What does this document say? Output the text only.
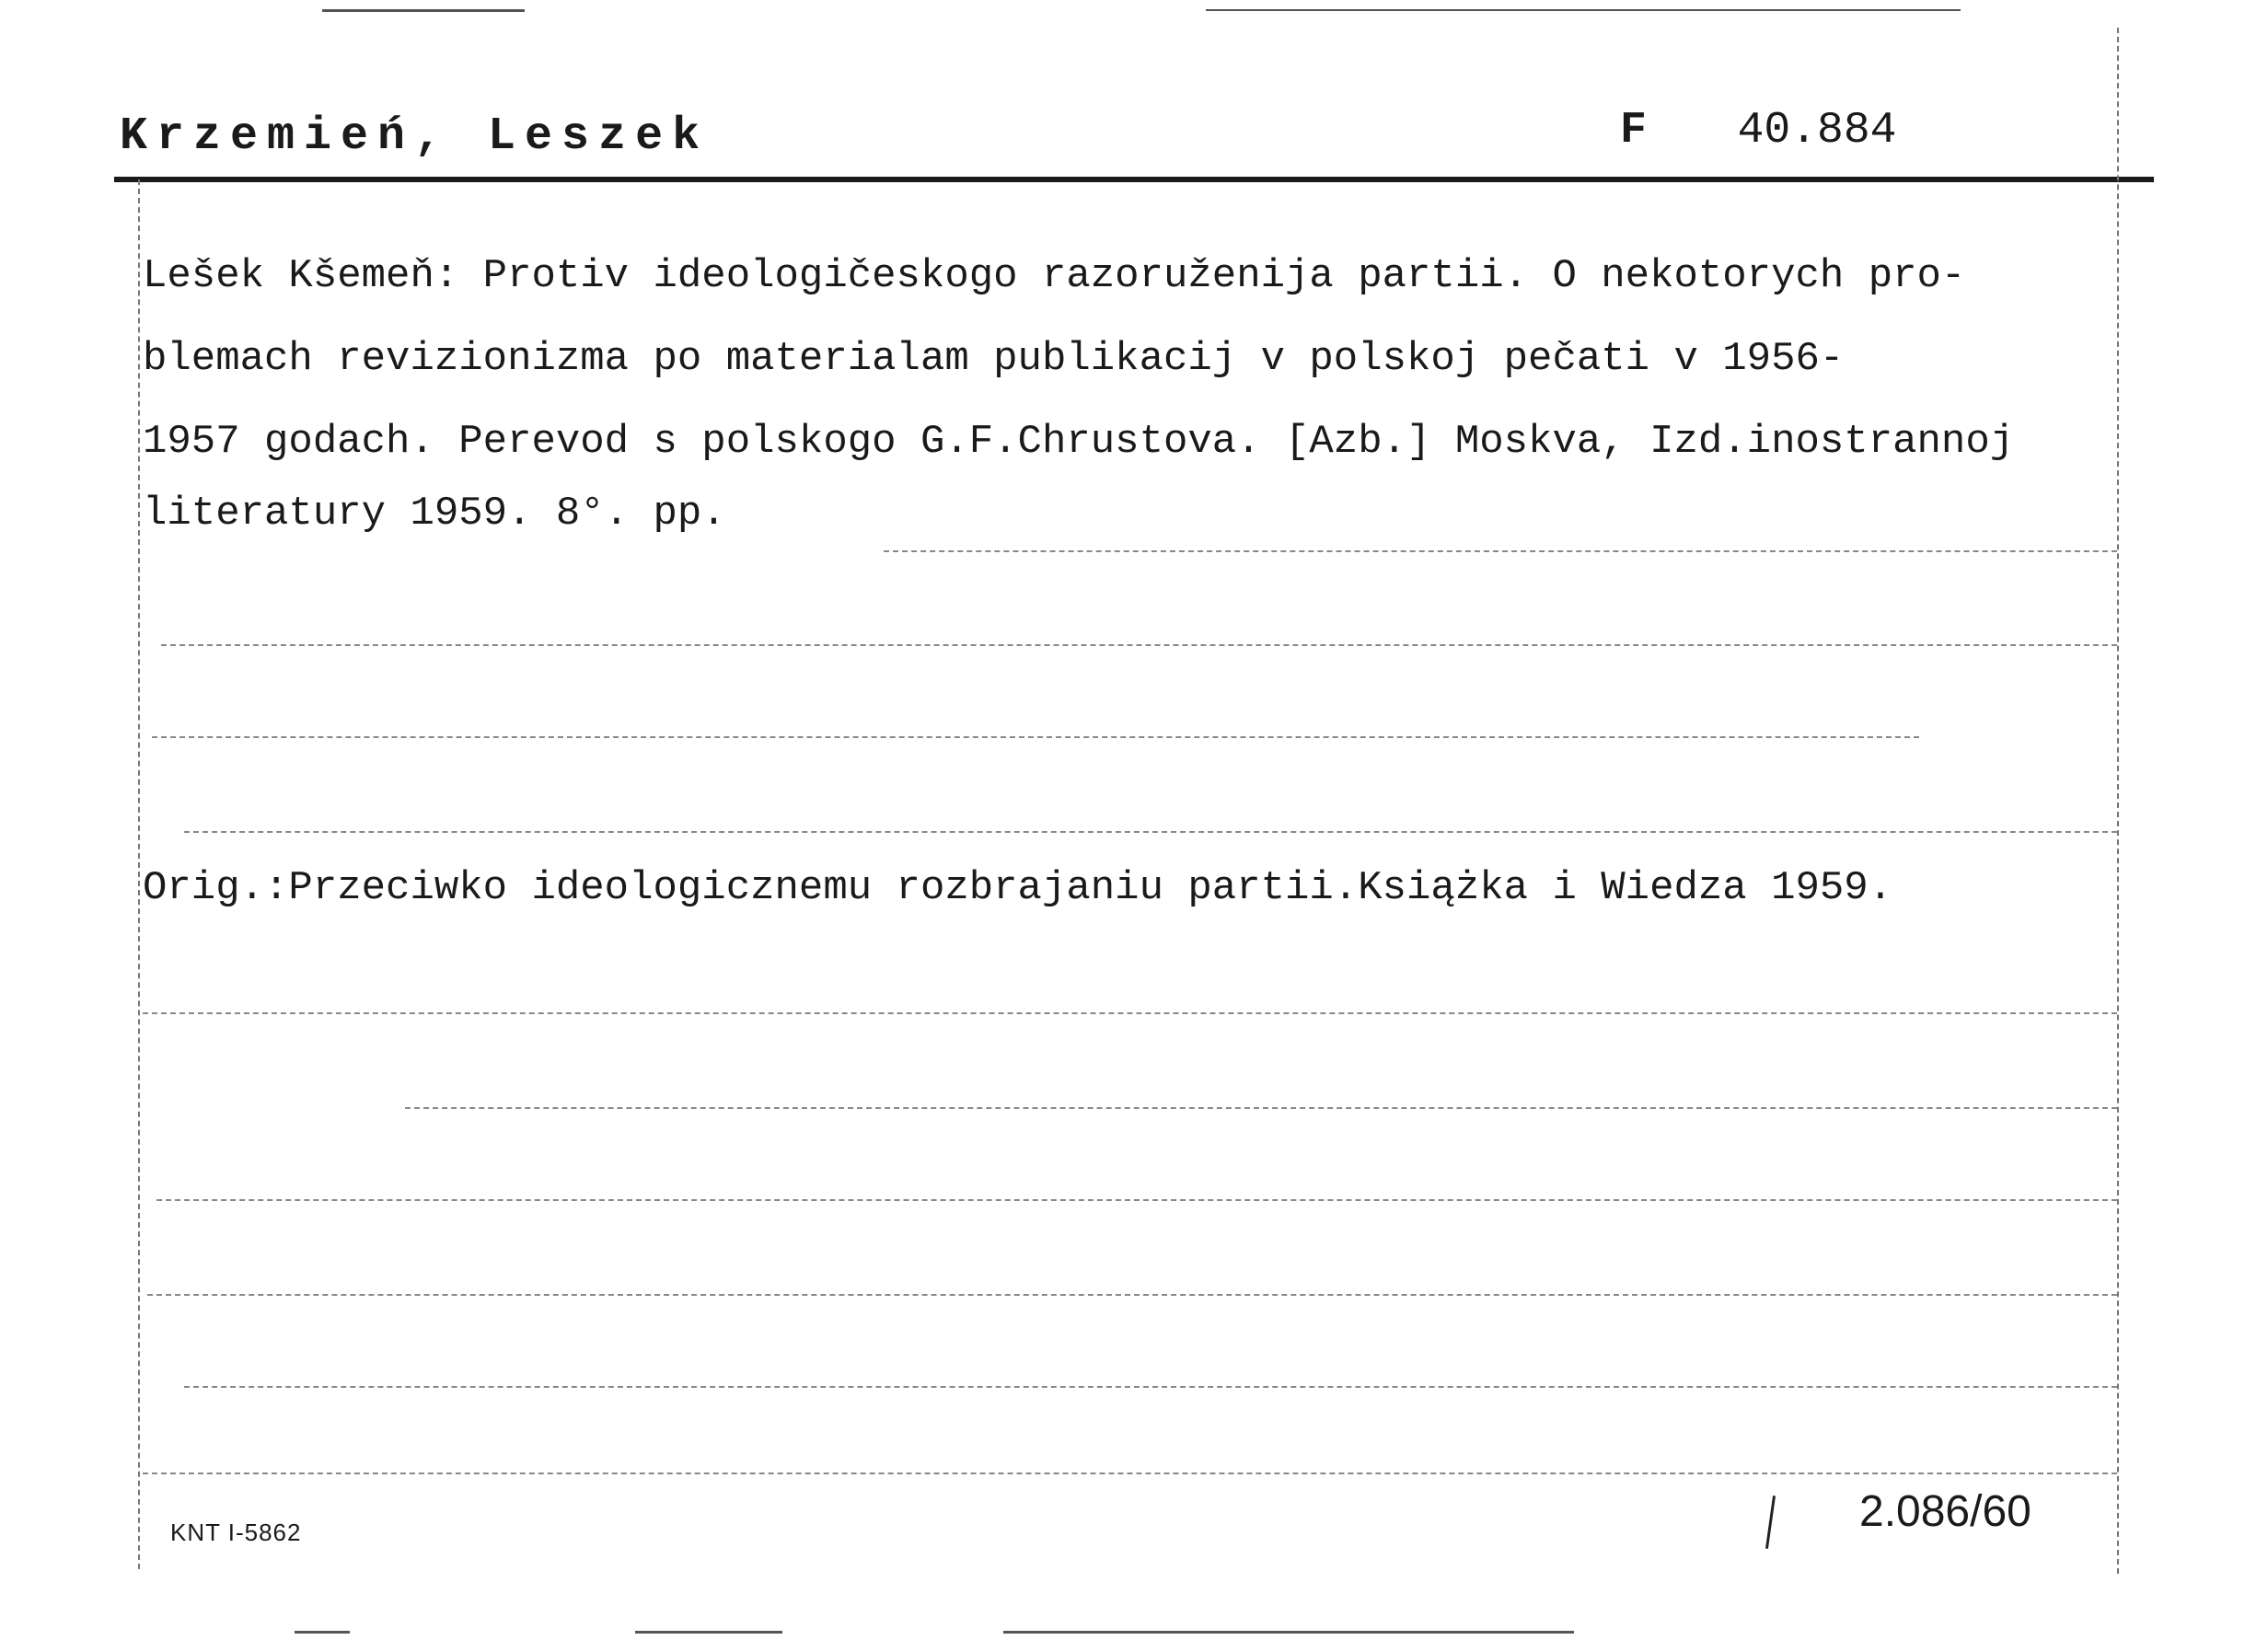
Krzemień, Leszek	F 40.884
Lešek Kšemeň: Protiv ideologičeskogo razoruženija partii. O nekotorych pro-
blemach revizionizma po materialam publikacij v polskoj pečati v 1956-
1957 godach. Perevod s polskogo G.F.Chrustova. [Azb.] Moskva, Izd.inostrannoj
literatury 1959. 8°. pp.
Orig.:Przeciwko ideologicznemu rozbrajaniu partii.Książka i Wiedza 1959.
KNT I-5862	2.086/60
